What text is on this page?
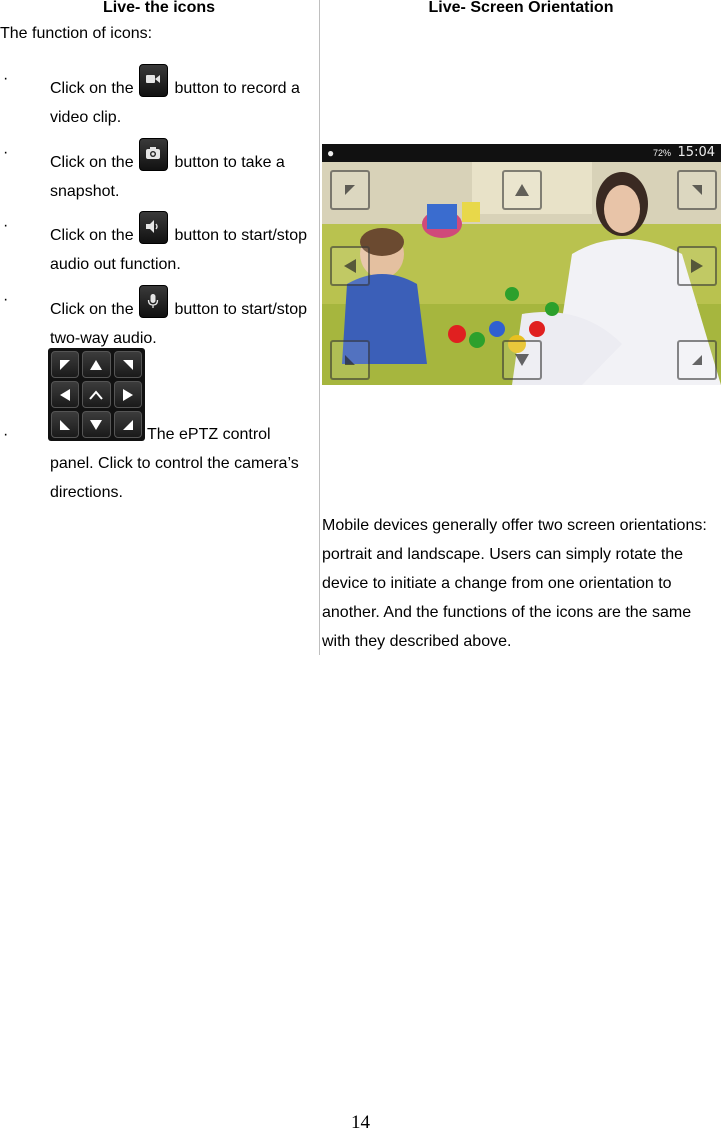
Live- the icons
The function of icons:
·
Click on the	button to record a video clip.
·
Click on the	button to take a snapshot.
·
Click on the	button to start/stop audio out function.
·
Click on the	button to start/stop two-way audio.
·	The ePTZ control panel. Click to control the camera’s directions.
Live- Screen Orientation
●	72% 15:04
Mobile devices generally offer two screen orientations: portrait and landscape. Users can simply rotate the device to initiate a change from one orientation to another. And the functions of the icons are the same with they described above.
14
